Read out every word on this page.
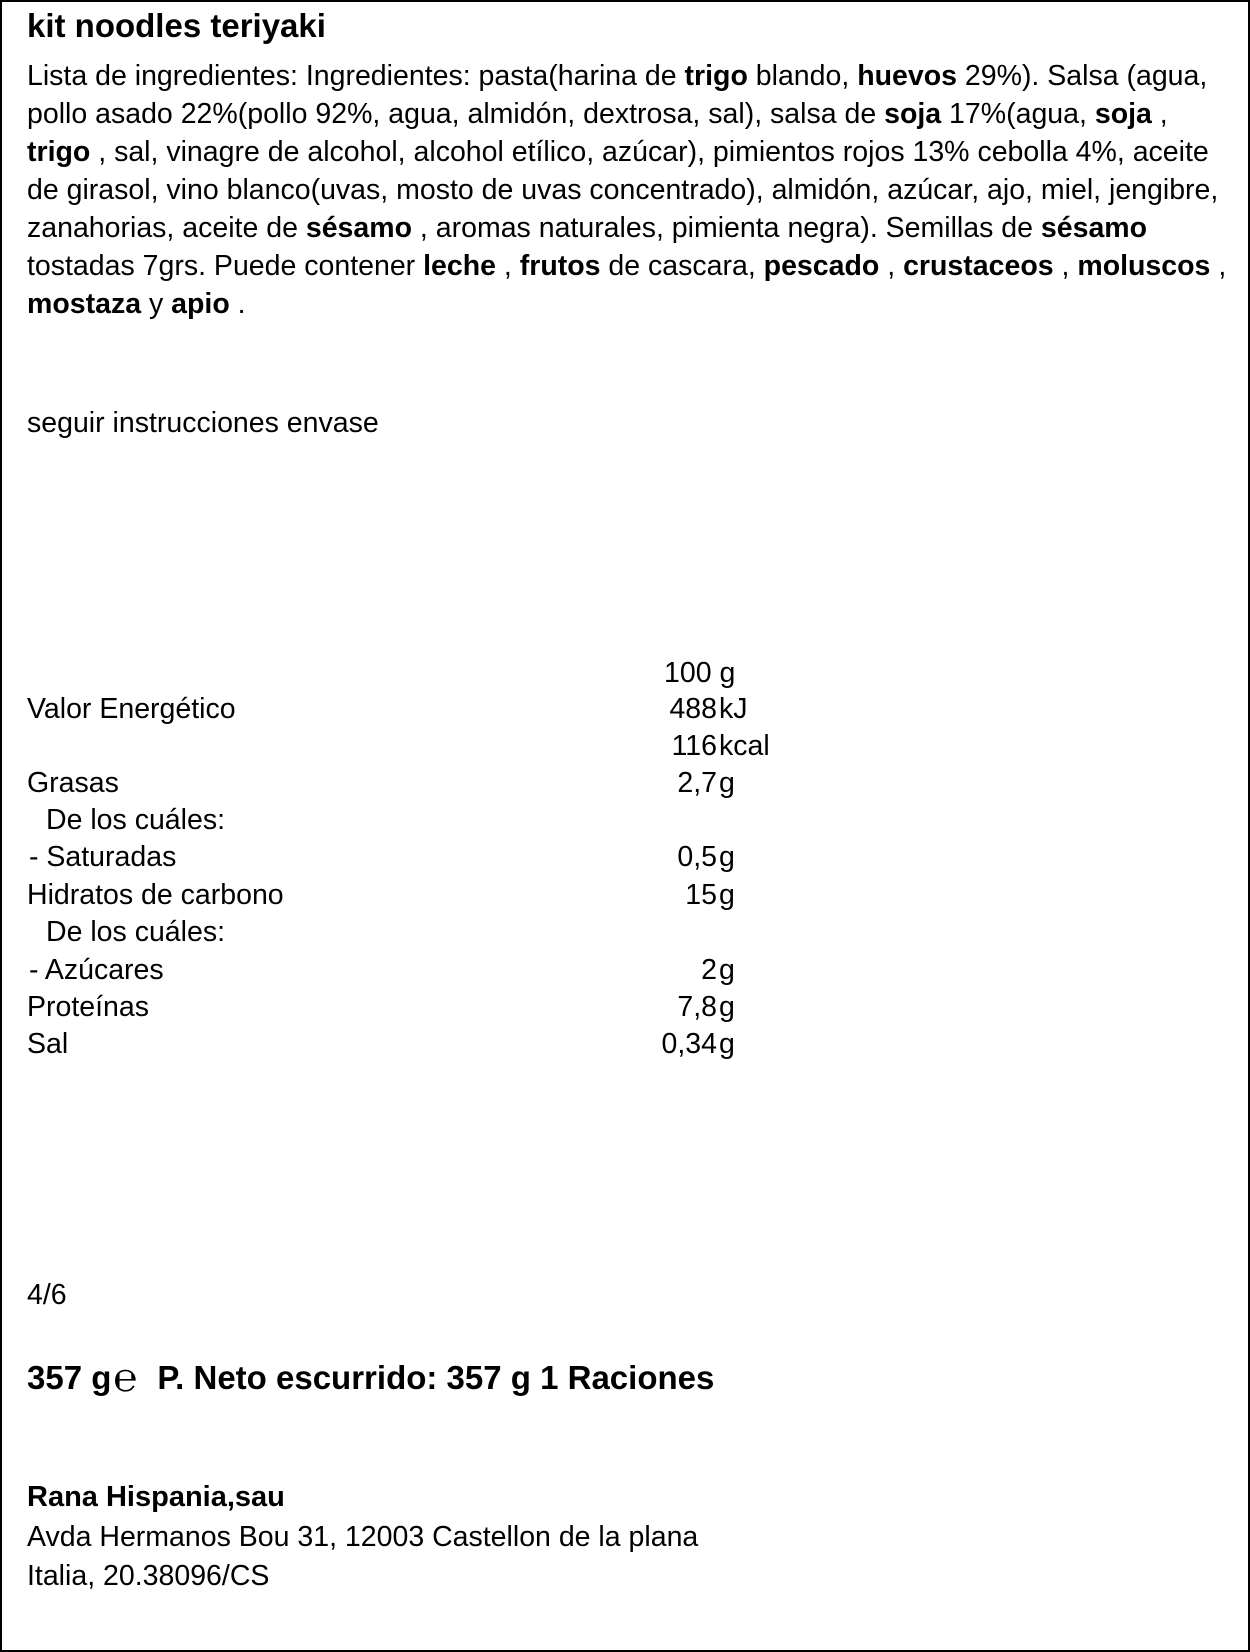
kit noodles teriyaki
Lista de ingredientes: Ingredientes: pasta(harina de trigo blando, huevos 29%). Salsa (agua, pollo asado 22%(pollo 92%, agua, almidón, dextrosa, sal), salsa de soja 17%(agua, soja , trigo , sal, vinagre de alcohol, alcohol etílico, azúcar), pimientos rojos 13% cebolla 4%, aceite de girasol, vino blanco(uvas, mosto de uvas concentrado), almidón, azúcar, ajo, miel, jengibre, zanahorias, aceite de sésamo , aromas naturales, pimienta negra). Semillas de sésamo tostadas 7grs. Puede contener leche , frutos de cascara, pescado , crustaceos , moluscos , mostaza y apio .
seguir instrucciones envase
100 g
Valor Energético	488 kJ
116 kcal
Grasas	2,7 g
De los cuáles:
- Saturadas	0,5 g
Hidratos de carbono	15 g
De los cuáles:
- Azúcares	2 g
Proteínas	7,8 g
Sal	0,34 g
4/6
357 g℮ P. Neto escurrido: 357 g 1 Raciones
Rana Hispania,sau
Avda Hermanos Bou 31, 12003 Castellon de la plana
Italia, 20.38096/CS
